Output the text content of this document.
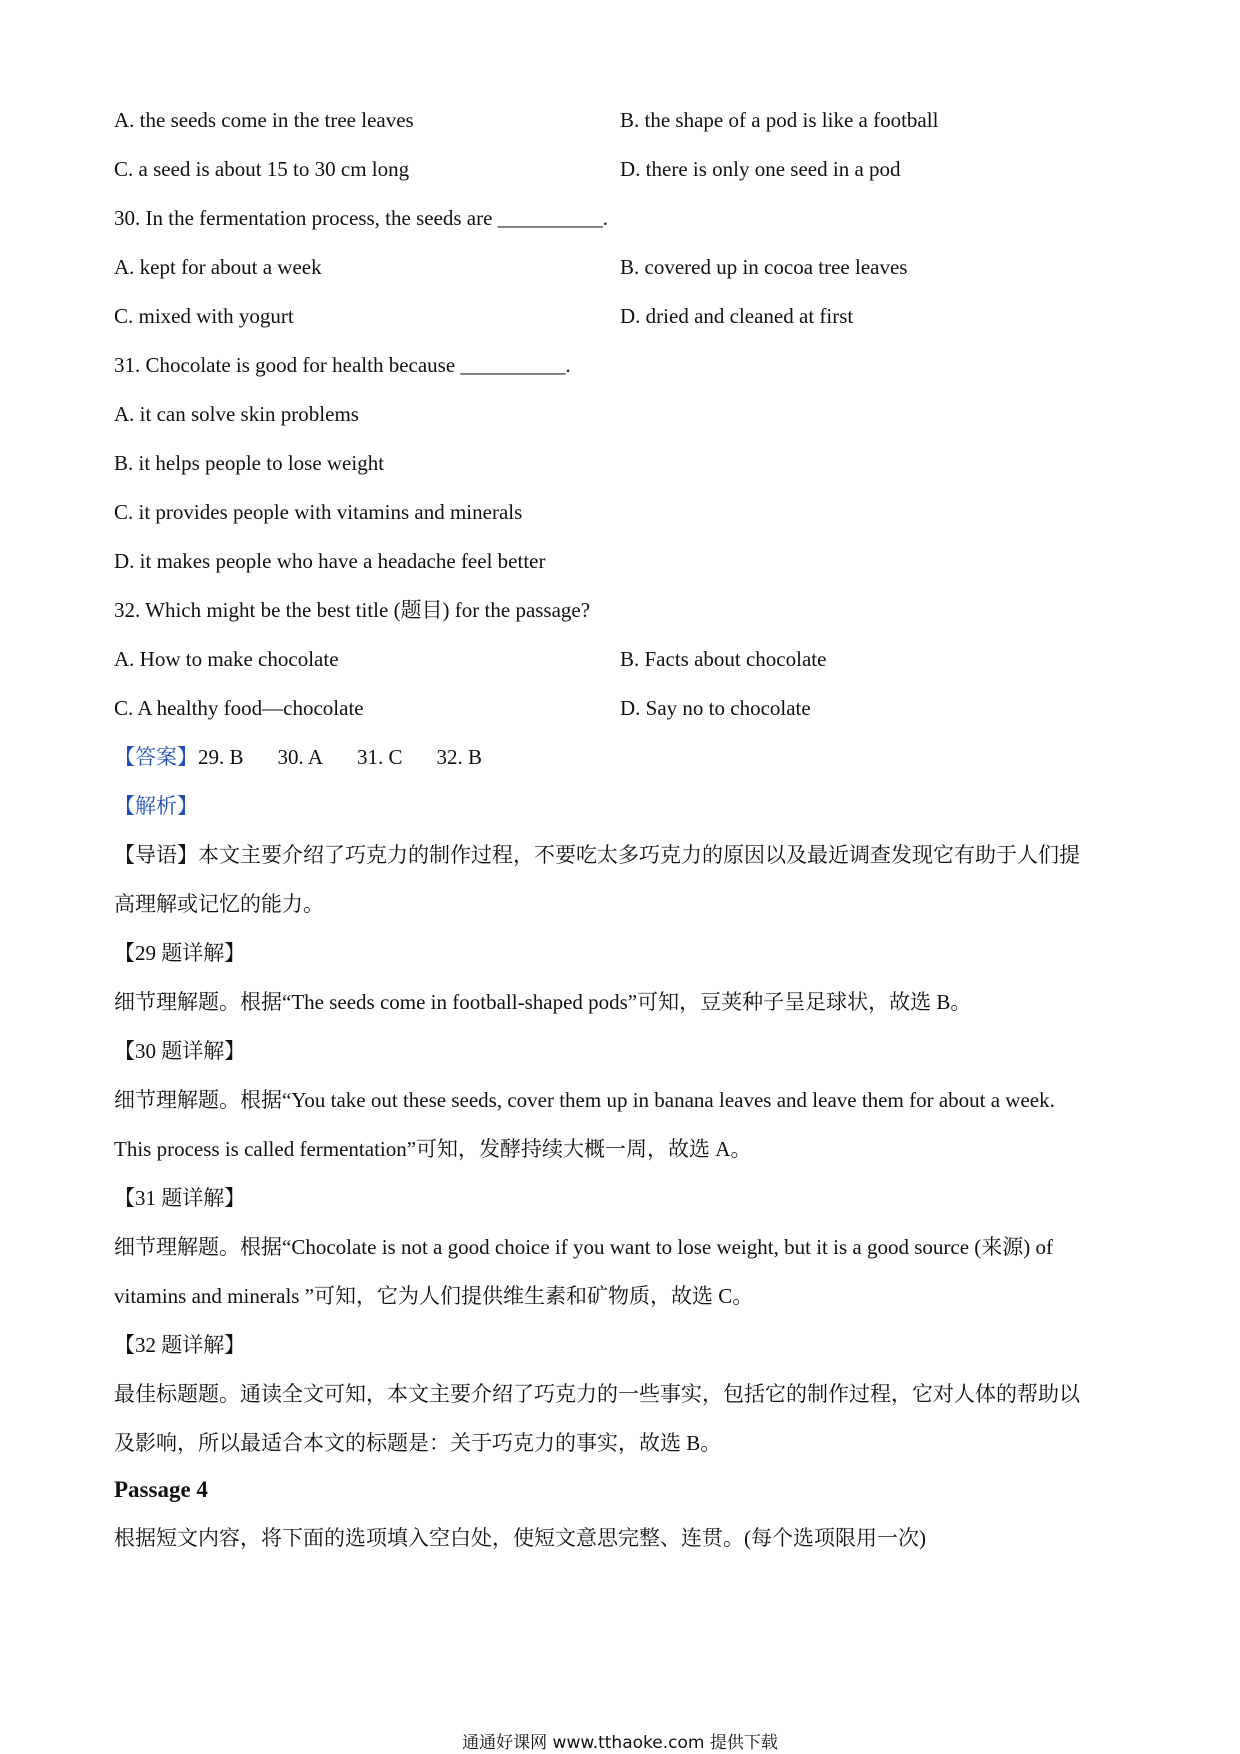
A. the seeds come in the tree leaves	B. the shape of a pod is like a football
C. a seed is about 15 to 30 cm long	D. there is only one seed in a pod
30. In the fermentation process, the seeds are __________.
A. kept for about a week	B. covered up in cocoa tree leaves
C. mixed with yogurt	D. dried and cleaned at first
31. Chocolate is good for health because __________.
A. it can solve skin problems
B. it helps people to lose weight
C. it provides people with vitamins and minerals
D. it makes people who have a headache feel better
32. Which might be the best title (题目) for the passage?
A. How to make chocolate	B. Facts about chocolate
C. A healthy food—chocolate	D. Say no to chocolate
【答案】29. B 30. A 31. C 32. B
【解析】
【导语】本文主要介绍了巧克力的制作过程，不要吃太多巧克力的原因以及最近调查发现它有助于人们提
高理解或记忆的能力。
【29 题详解】
细节理解题。根据“The seeds come in football-shaped pods”可知，豆荚种子呈足球状，故选 B。
【30 题详解】
细节理解题。根据“You take out these seeds, cover them up in banana leaves and leave them for about a week.
This process is called fermentation”可知，发酵持续大概一周，故选 A。
【31 题详解】
细节理解题。根据“Chocolate is not a good choice if you want to lose weight, but it is a good source (来源) of
vitamins and minerals ”可知，它为人们提供维生素和矿物质，故选 C。
【32 题详解】
最佳标题题。通读全文可知，本文主要介绍了巧克力的一些事实，包括它的制作过程，它对人体的帮助以
及影响，所以最适合本文的标题是：关于巧克力的事实，故选 B。
Passage 4
根据短文内容，将下面的选项填入空白处，使短文意思完整、连贯。(每个选项限用一次)
通通好课网 www.tthaoke.com 提供下载
